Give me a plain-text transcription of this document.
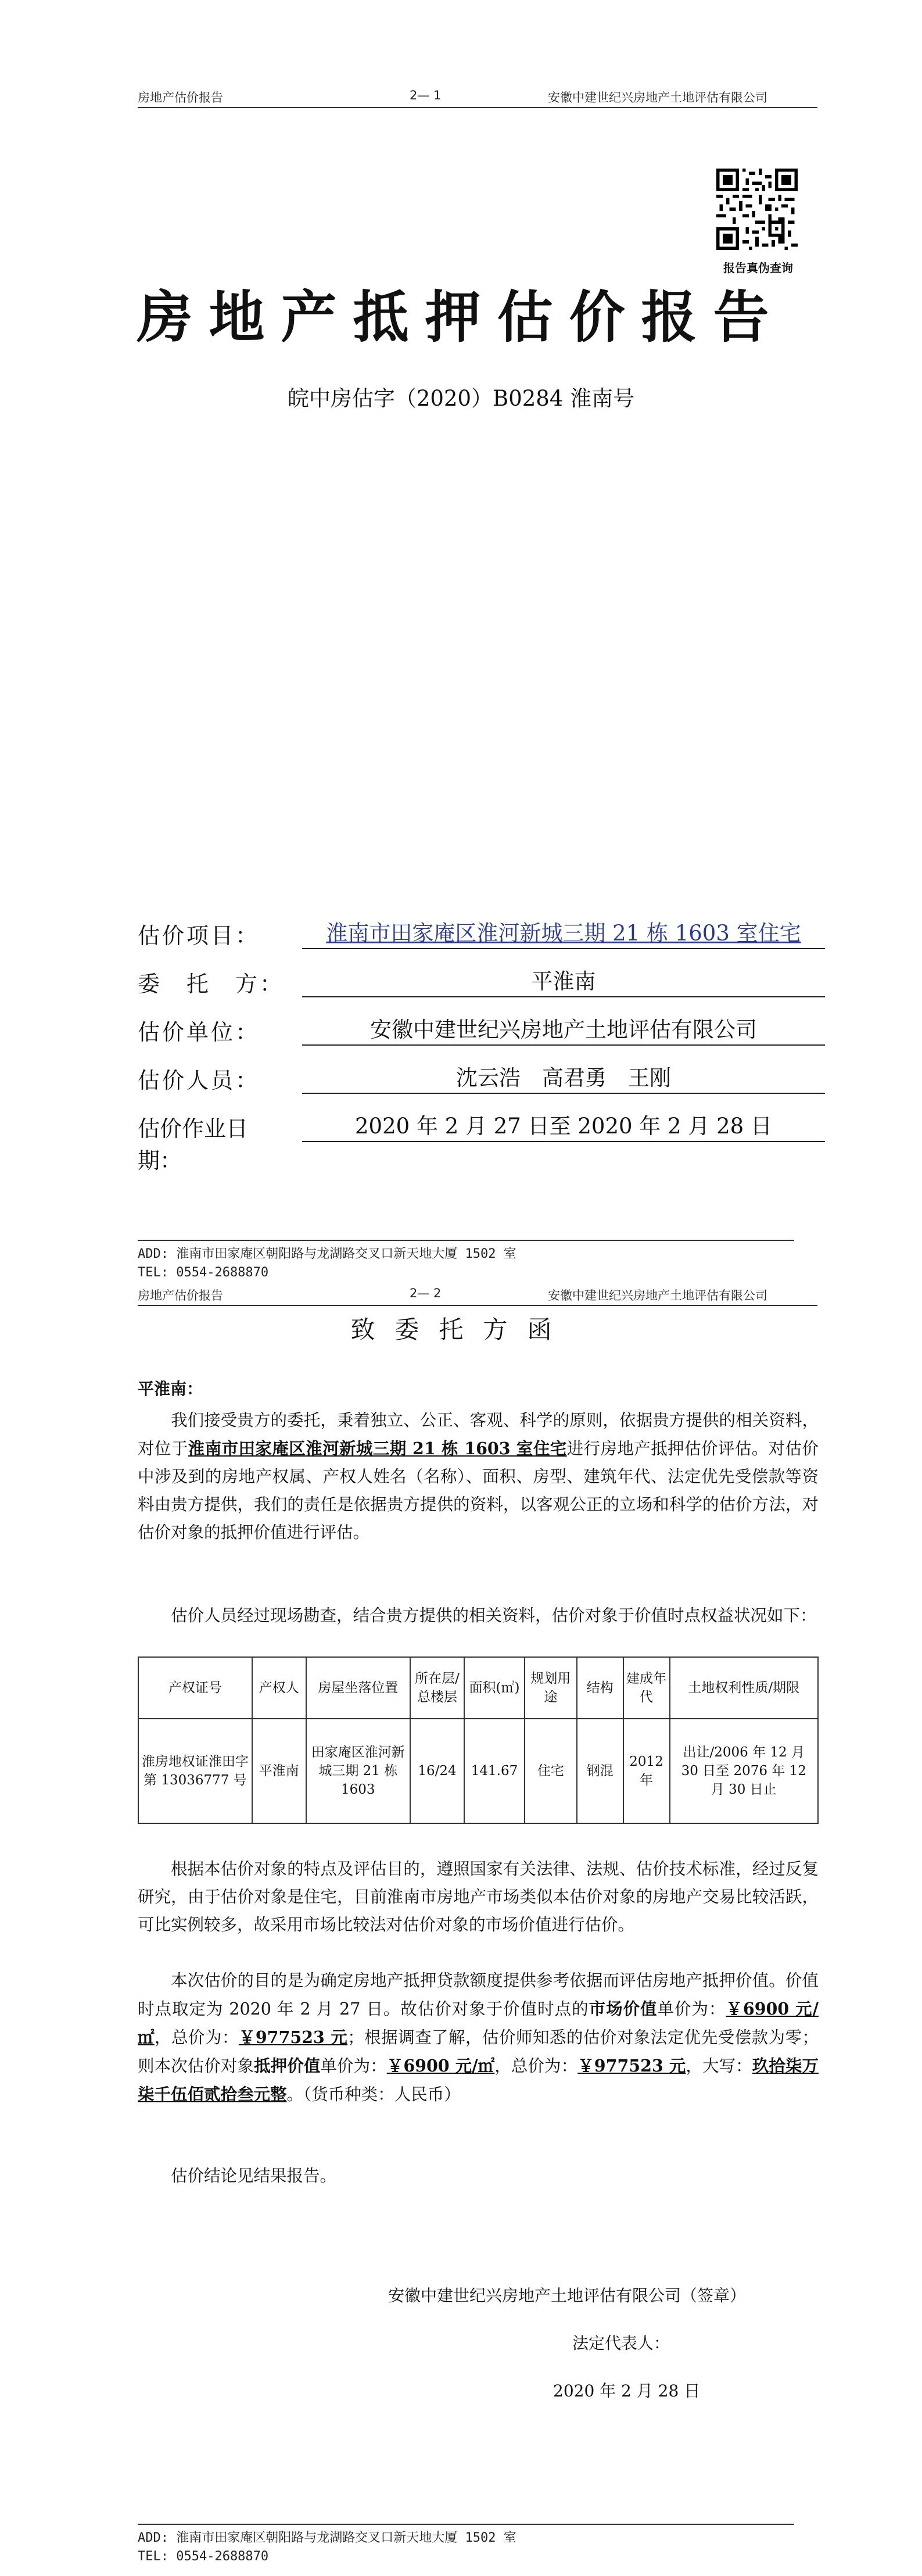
房地产估价报告	2— 1	安徽中建世纪兴房地产土地评估有限公司
报告真伪查询
房地产抵押估价报告
皖中房估字（2020）B0284 淮南号
估价项目：	淮南市田家庵区淮河新城三期 21 栋 1603 室住宅
委　托　方：	平淮南
估价单位：	安徽中建世纪兴房地产土地评估有限公司
估价人员：	沈云浩　高君勇　王刚
估价作业日期：
2020 年 2 月 27 日至 2020 年 2 月 28 日
ADD: 淮南市田家庵区朝阳路与龙湖路交叉口新天地大厦 1502 室
TEL: 0554-2688870
房地产估价报告	2— 2	安徽中建世纪兴房地产土地评估有限公司
致委托方函
平淮南：
我们接受贵方的委托，秉着独立、公正、客观、科学的原则，依据贵方提供的相关资料，对位于淮南市田家庵区淮河新城三期 21 栋 1603 室住宅进行房地产抵押估价评估。对估价中涉及到的房地产权属、产权人姓名（名称）、面积、房型、建筑年代、法定优先受偿款等资料由贵方提供，我们的责任是依据贵方提供的资料，以客观公正的立场和科学的估价方法，对估价对象的抵押价值进行评估。
估价人员经过现场勘查，结合贵方提供的相关资料，估价对象于价值时点权益状况如下：
产权证号	产权人	房屋坐落位置	所在层/总楼层	面积(㎡)	规划用途	结构	建成年代	土地权利性质/期限
淮房地权证淮田字第 13036777 号	平淮南	田家庵区淮河新城三期 21 栋 1603	16/24	141.67	住宅	钢混	2012 年	出让/2006 年 12 月 30 日至 2076 年 12 月 30 日止
根据本估价对象的特点及评估目的，遵照国家有关法律、法规、估价技术标准，经过反复研究，由于估价对象是住宅，目前淮南市房地产市场类似本估价对象的房地产交易比较活跃，可比实例较多，故采用市场比较法对估价对象的市场价值进行估价。
本次估价的目的是为确定房地产抵押贷款额度提供参考依据而评估房地产抵押价值。价值时点取定为 2020 年 2 月 27 日。故估价对象于价值时点的市场价值单价为：￥6900 元/㎡，总价为：￥977523 元；根据调查了解，估价师知悉的估价对象法定优先受偿款为零；则本次估价对象抵押价值单价为：￥6900 元/㎡，总价为：￥977523 元，大写：玖拾柒万柒千伍佰贰拾叁元整。（货币种类：人民币）
估价结论见结果报告。
安徽中建世纪兴房地产土地评估有限公司（签章）
法定代表人：
2020 年 2 月 28 日
ADD: 淮南市田家庵区朝阳路与龙湖路交叉口新天地大厦 1502 室
TEL: 0554-2688870
